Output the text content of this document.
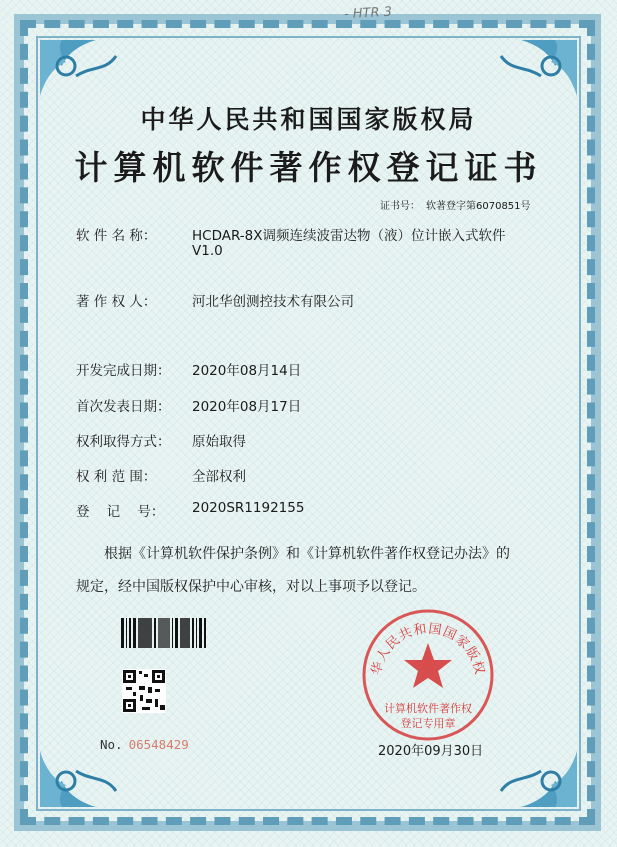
- HTR 3
中华人民共和国国家版权局
计算机软件著作权登记证书
证书号： 软著登字第6070851号
软 件 名 称：	HCDAR-8X调频连续波雷达物（液）位计嵌入式软件
V1.0
著 作 权 人：	河北华创测控技术有限公司
开发完成日期：	2020年08月14日
首次发表日期：	2020年08月17日
权利取得方式：	原始取得
权 利 范 围：	全部权利
登    记    号：	2020SR1192155
根据《计算机软件保护条例》和《计算机软件著作权登记办法》的
规定，经中国版权保护中心审核，对以上事项予以登记。
No. 06548429
华人民共和国国家版权
计算机软件著作权
登记专用章
2020年09月30日
